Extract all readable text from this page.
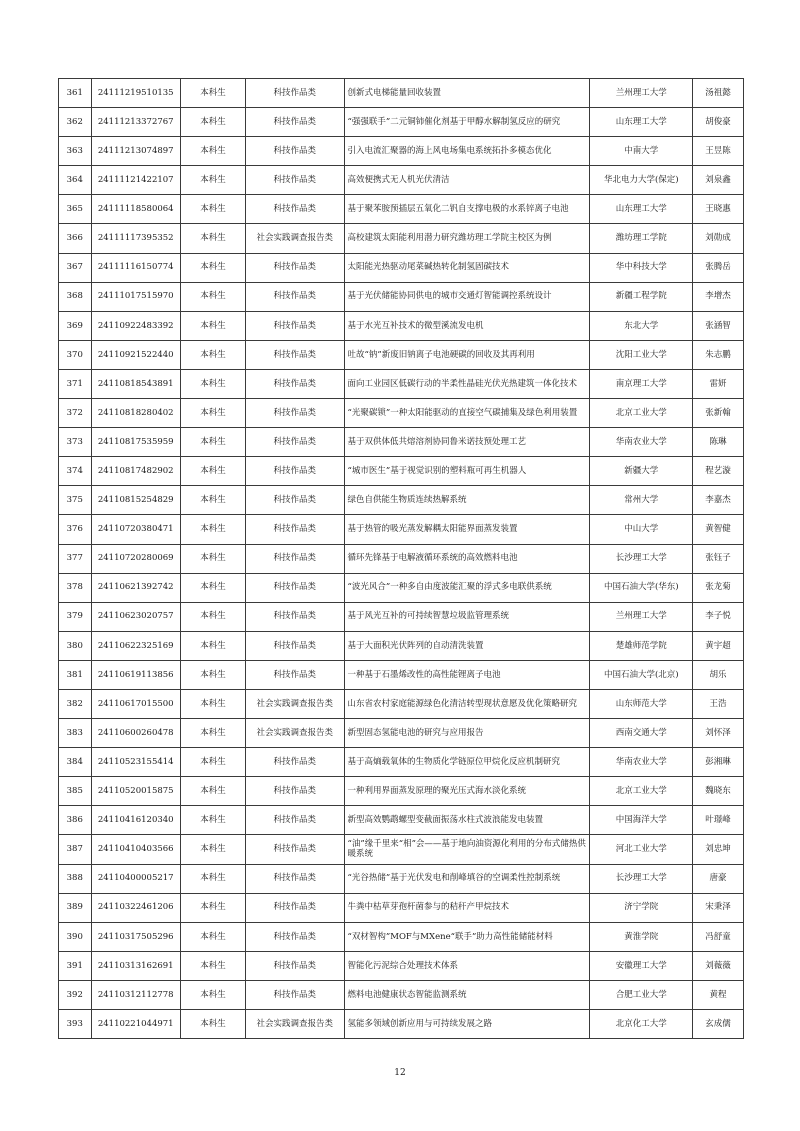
361	24111219510135	本科生	科技作品类	创新式电梯能量回收装置	兰州理工大学	汤祖懿
362	24111213372767	本科生	科技作品类	“强强联手”二元铜铈催化剂基于甲醇水解制氢反应的研究	山东理工大学	胡俊豪
363	24111213074897	本科生	科技作品类	引入电流汇聚器的海上风电场集电系统拓扑多模态优化	中南大学	王昱陈
364	24111121422107	本科生	科技作品类	高效便携式无人机光伏清洁	华北电力大学(保定)	刘泉鑫
365	24111118580064	本科生	科技作品类	基于聚苯胺预插层五氧化二钒自支撑电极的水系锌离子电池	山东理工大学	王晓惠
366	24111117395352	本科生	社会实践调查报告类	高校建筑太阳能利用潜力研究潍坊理工学院主校区为例	潍坊理工学院	刘勋成
367	24111116150774	本科生	科技作品类	太阳能光热驱动尾菜碱热转化制氢固碳技术	华中科技大学	张腾岳
368	24111017515970	本科生	科技作品类	基于光伏储能协同供电的城市交通灯智能调控系统设计	新疆工程学院	李增杰
369	24110922483392	本科生	科技作品类	基于水光互补技术的微型溪流发电机	东北大学	张涵智
370	24110921522440	本科生	科技作品类	吐故“钠”新废旧钠离子电池硬碳的回收及其再利用	沈阳工业大学	朱志鹏
371	24110818543891	本科生	科技作品类	面向工业园区低碳行动的半柔性晶硅光伏光热建筑一体化技术	南京理工大学	雷妍
372	24110818280402	本科生	科技作品类	“光聚碳锁”一种太阳能驱动的直接空气碳捕集及绿色利用装置	北京工业大学	张新翰
373	24110817535959	本科生	科技作品类	基于双供体低共熔溶剂协同鲁米诺技预处理工艺	华南农业大学	陈琳
374	24110817482902	本科生	科技作品类	“城市医生”基于视觉识别的塑料瓶可再生机器人	新疆大学	程艺漩
375	24110815254829	本科生	科技作品类	绿色自供能生物质连续热解系统	常州大学	李嘉杰
376	24110720380471	本科生	科技作品类	基于热管的吸光蒸发解耦太阳能界面蒸发装置	中山大学	黄智健
377	24110720280069	本科生	科技作品类	循环先锋基于电解液循环系统的高效燃料电池	长沙理工大学	张钰子
378	24110621392742	本科生	科技作品类	“波光风合”一种多自由度波能汇聚的浮式多电联供系统	中国石油大学(华东)	张龙菊
379	24110623020757	本科生	科技作品类	基于风光互补的可持续智慧垃圾监管理系统	兰州理工大学	李子悦
380	24110622325169	本科生	科技作品类	基于大面积光伏阵列的自动清洗装置	楚雄师范学院	黄宇超
381	24110619113856	本科生	科技作品类	一种基于石墨烯改性的高性能锂离子电池	中国石油大学(北京)	胡乐
382	24110617015500	本科生	社会实践调查报告类	山东省农村家庭能源绿色化清洁转型现状意愿及优化策略研究	山东师范大学	王浩
383	24110600260478	本科生	社会实践调查报告类	新型固态氢能电池的研究与应用报告	西南交通大学	刘怀泽
384	24110523155414	本科生	科技作品类	基于高熵载氧体的生物质化学链原位甲烷化反应机制研究	华南农业大学	彭湘琳
385	24110520015875	本科生	科技作品类	一种利用界面蒸发原理的聚光压式海水淡化系统	北京工业大学	魏晓东
386	24110416120340	本科生	科技作品类	新型高效鹦鹉螺型变截面振荡水柱式波浪能发电装置	中国海洋大学	叶璟峰
387	24110410403566	本科生	科技作品类	“油”缘千里来“相”会——基于地向油资源化利用的分布式储热供暖系统	河北工业大学	刘忠坤
388	24110400005217	本科生	科技作品类	“光谷热储”基于光伏发电和削峰填谷的空调柔性控制系统	长沙理工大学	唐豪
389	24110322461206	本科生	科技作品类	牛粪中枯草芽孢杆菌参与的秸秆产甲烷技术	济宁学院	宋秉泽
390	24110317505296	本科生	科技作品类	“双材智构”MOF与MXene“联手”助力高性能储能材料	黄淮学院	冯舒童
391	24110313162691	本科生	科技作品类	智能化污泥综合处理技术体系	安徽理工大学	刘薇薇
392	24110312112778	本科生	科技作品类	燃料电池健康状态智能监测系统	合肥工业大学	黄程
393	24110221044971	本科生	社会实践调查报告类	氢能多领域创新应用与可持续发展之路	北京化工大学	玄成儒
12
